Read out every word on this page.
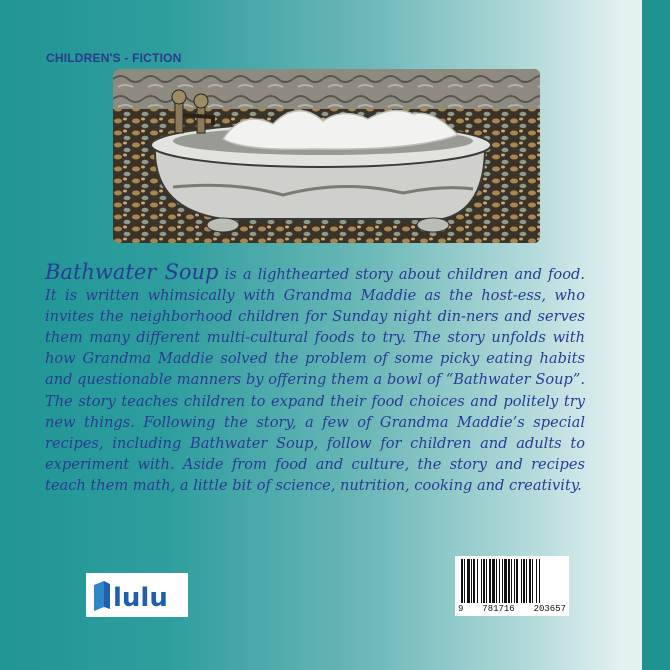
CHILDREN'S - FICTION

Bathwater Soup is a lighthearted story about children and food. It is written whimsically with Grandma Maddie as the host-ess, who invites the neighborhood children for Sunday night din-ners and serves them many different multi-cultural foods to try. The story unfolds with how Grandma Maddie solved the problem of some picky eating habits and questionable manners by offering them a bowl of “Bathwater Soup”. The story teaches children to expand their food choices and politely try new things. Following the story, a few of Grandma Maddie’s special recipes, including Bathwater Soup, follow for children and adults to experiment with. Aside from food and culture, the story and recipes teach them math, a little bit of science, nutrition, cooking and creativity.

lulu	9 781716 203657
